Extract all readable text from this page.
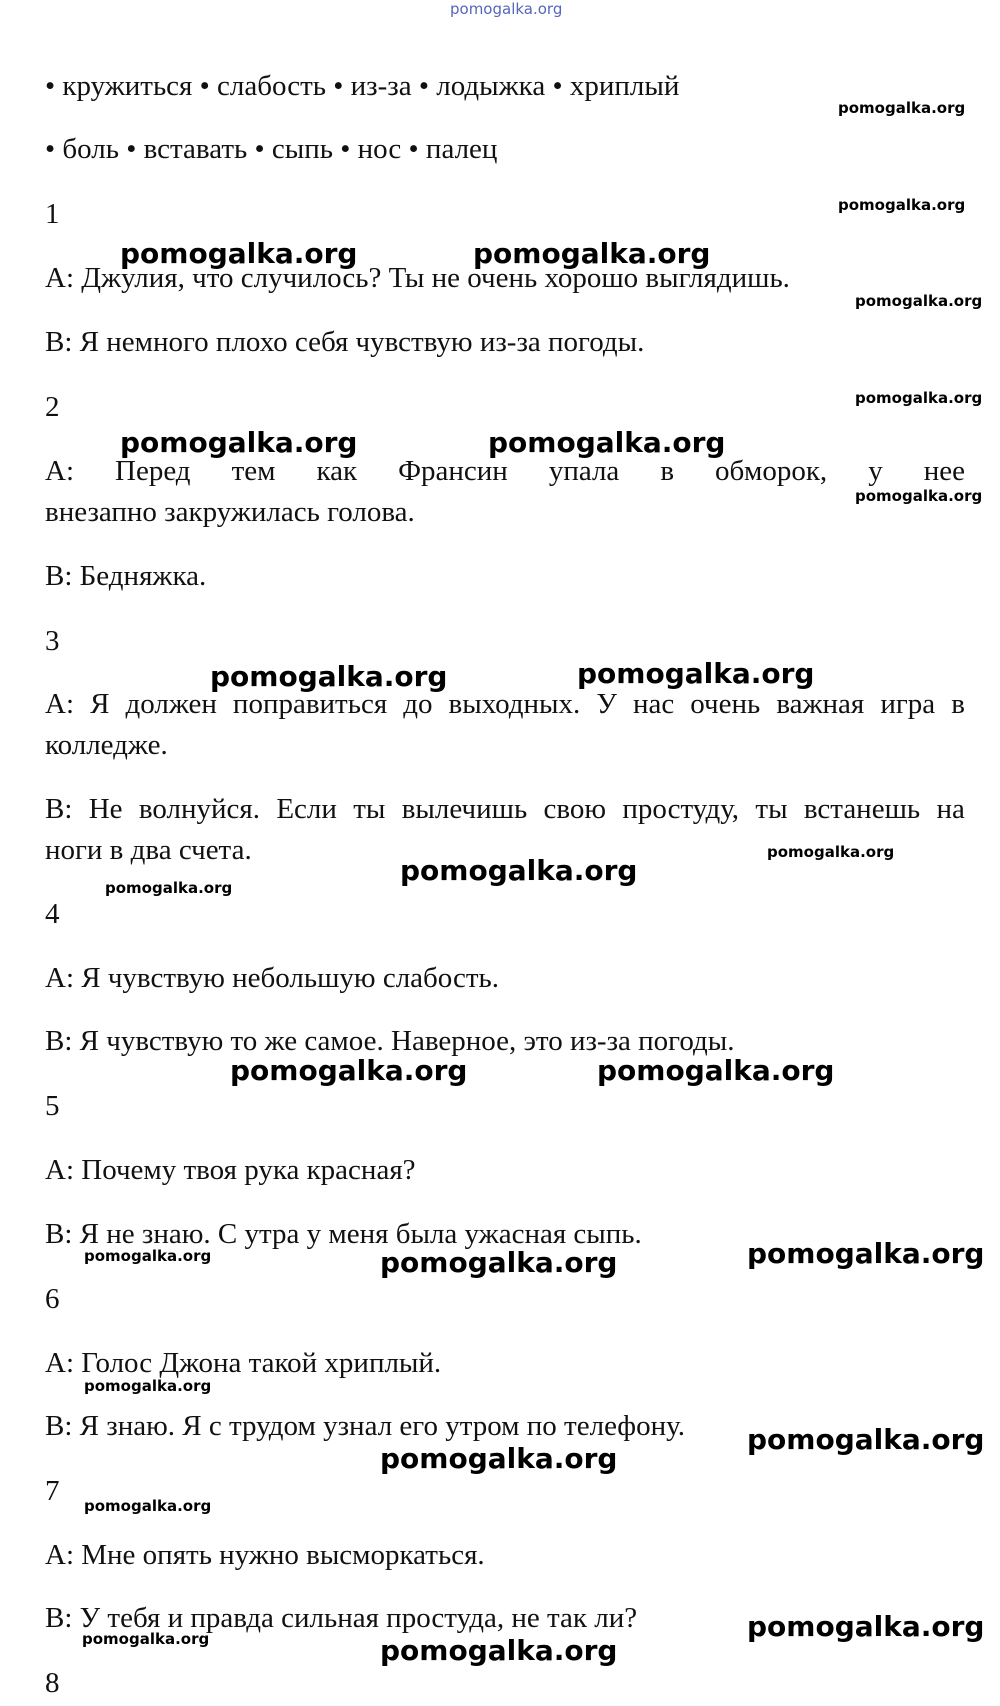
pomogalka.org
• кружиться • слабость • из-за • лодыжка • хриплый
• боль • вставать • сыпь • нос • палец
1
А: Джулия, что случилось? Ты не очень хорошо выглядишь.
В: Я немного плохо себя чувствую из-за погоды.
2
А: Перед тем как Франсин упала в обморок, у нее
внезапно закружилась голова.
В: Бедняжка.
3
А: Я должен поправиться до выходных. У нас очень важная игра в
колледже.
В: Не волнуйся. Если ты вылечишь свою простуду, ты встанешь на
ноги в два счета.
4
А: Я чувствую небольшую слабость.
В: Я чувствую то же самое. Наверное, это из-за погоды.
5
А: Почему твоя рука красная?
В: Я не знаю. С утра у меня была ужасная сыпь.
6
А: Голос Джона такой хриплый.
В: Я знаю. Я с трудом узнал его утром по телефону.
7
А: Мне опять нужно высморкаться.
В: У тебя и правда сильная простуда, не так ли?
8
pomogalka.org	pomogalka.org
pomogalka.org	pomogalka.org
pomogalka.org	pomogalka.org
pomogalka.org
pomogalka.org	pomogalka.org
pomogalka.org	pomogalka.org
pomogalka.org
pomogalka.org
pomogalka.org
pomogalka.org
pomogalka.org
pomogalka.org
pomogalka.org
pomogalka.org
pomogalka.org
pomogalka.org
pomogalka.org
pomogalka.org
pomogalka.org
pomogalka.org
pomogalka.org
